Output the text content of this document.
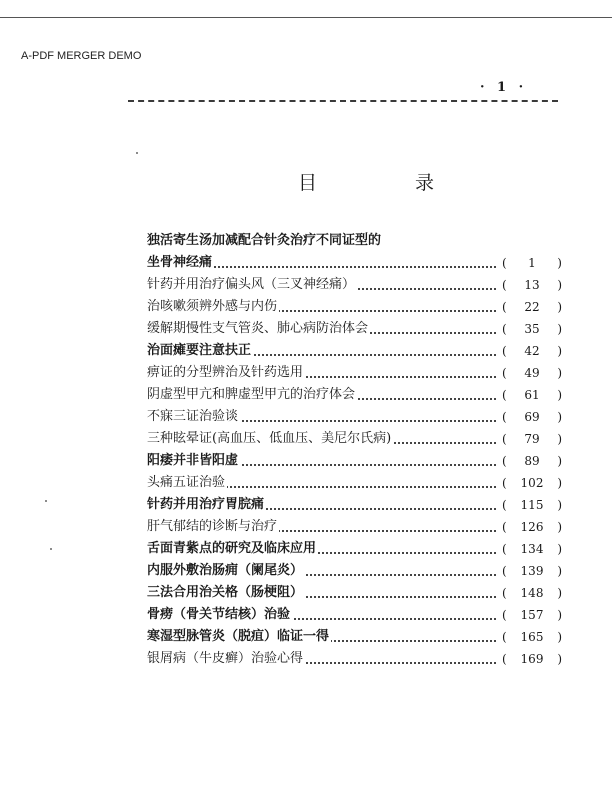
A-PDF MERGER DEMO
· 1 ·
目 录
独活寄生汤加减配合针灸治疗不同证型的
坐骨神经痛	( 1 )
针药并用治疗偏头风（三叉神经痛）	( 13 )
治咳嗽须辨外感与内伤	( 22 )
缓解期慢性支气管炎、肺心病防治体会	( 35 )
治面瘫要注意扶正	( 42 )
痹证的分型辨治及针药选用	( 49 )
阴虚型甲亢和脾虚型甲亢的治疗体会	( 61 )
不寐三证治验谈	( 69 )
三种眩晕证(高血压、低血压、美尼尔氏病)	( 79 )
阳痿并非皆阳虚	( 89 )
头痛五证治验	( 102 )
针药并用治疗胃脘痛	( 115 )
肝气郁结的诊断与治疗	( 126 )
舌面青紫点的研究及临床应用	( 134 )
内服外敷治肠痈（阑尾炎）	( 139 )
三法合用治关格（肠梗阻）	( 148 )
骨痨（骨关节结核）治验	( 157 )
寒湿型脉管炎（脱疽）临证一得	( 165 )
银屑病（牛皮癣）治验心得	( 169 )
